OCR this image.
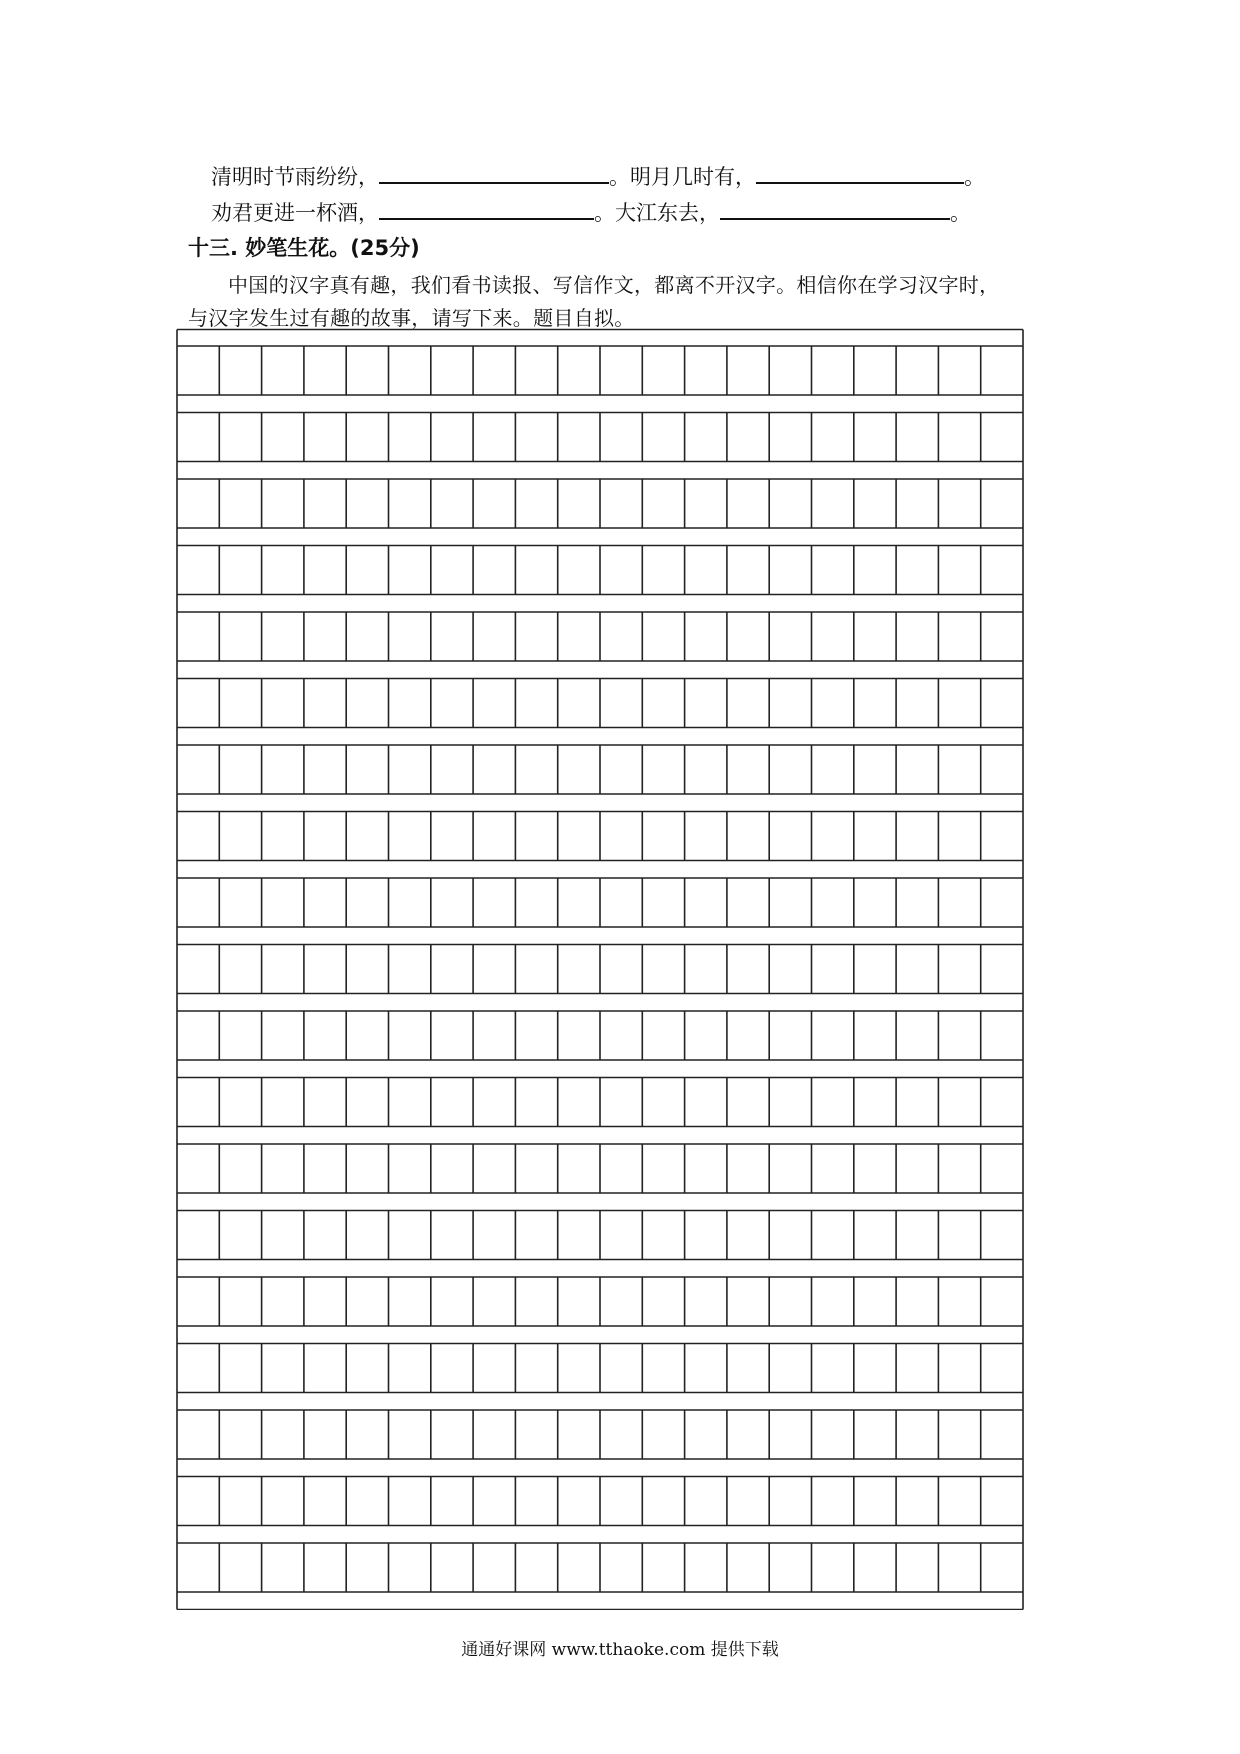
清明时节雨纷纷，	。明月几时有，	。
劝君更进一杯酒，	。大江东去，	。
十三. 妙笔生花。(25分)
中国的汉字真有趣，我们看书读报、写信作文，都离不开汉字。相信你在学习汉字时，
与汉字发生过有趣的故事，请写下来。题目自拟。
通通好课网 www.tthaoke.com 提供下载
